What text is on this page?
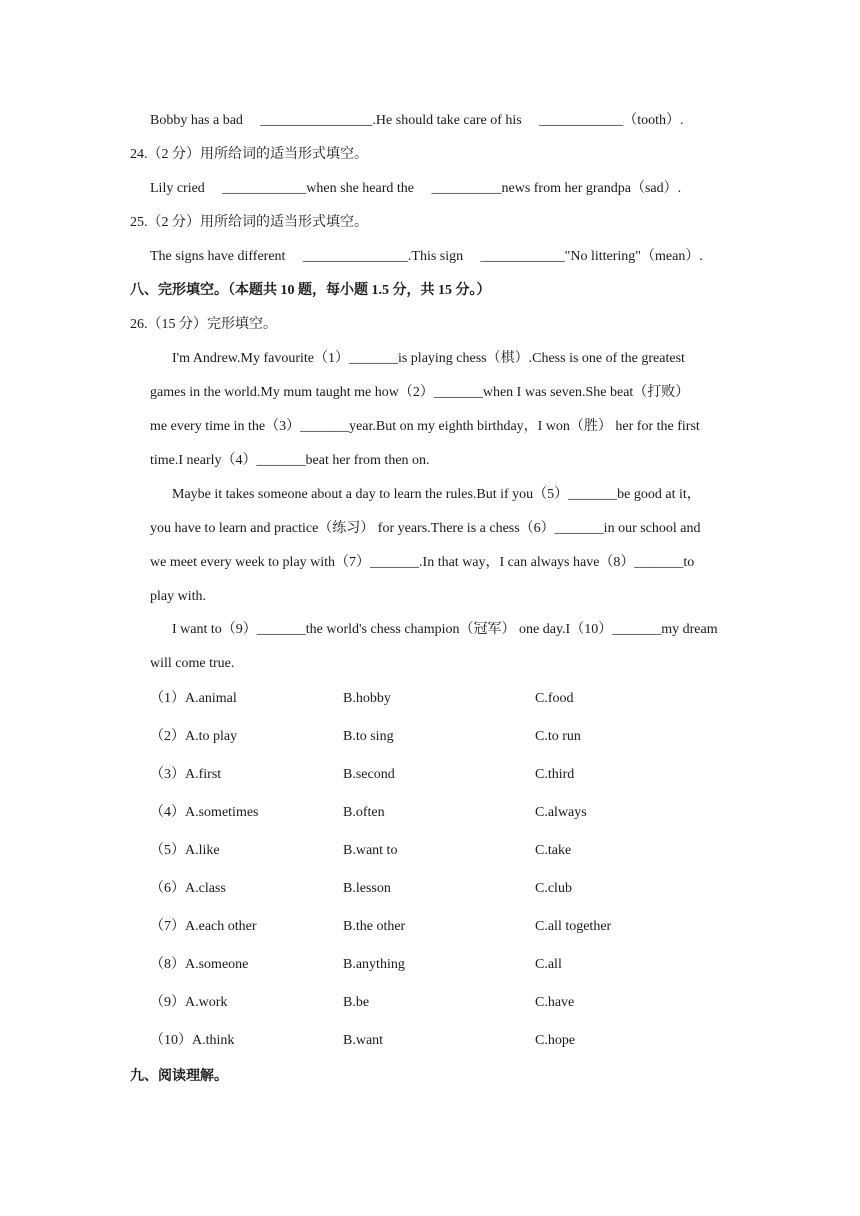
Bobby has a bad　 ________________.He should take care of his　 ____________（tooth）.
24.（2 分）用所给词的适当形式填空。
Lily cried　 ____________when she heard the　 __________news from her grandpa（sad）.
25.（2 分）用所给词的适当形式填空。
The signs have different　 _______________.This sign　 ____________"No littering"（mean）.
八、完形填空。（本题共 10 题，每小题 1.5 分，共 15 分。）
26.（15 分）完形填空。
I'm Andrew.My favourite（1）_______is playing chess（棋）.Chess is one of the greatest
games in the world.My mum taught me how（2）_______when I was seven.She beat（打败）
me every time in the（3）_______year.But on my eighth birthday，I won（胜） her for the first
time.I nearly（4）_______beat her from then on.
Maybe it takes someone about a day to learn the rules.But if you（5）_______be good at it，
you have to learn and practice（练习） for years.There is a chess（6）_______in our school and
we meet every week to play with（7）_______.In that way，I can always have（8）_______to
play with.
I want to（9）_______the world's chess champion（冠军） one day.I（10）_______my dream
will come true.
（1）A.animal	B.hobby	C.food
（2）A.to play	B.to sing	C.to run
（3）A.first	B.second	C.third
（4）A.sometimes	B.often	C.always
（5）A.like	B.want to	C.take
（6）A.class	B.lesson	C.club
（7）A.each other	B.the other	C.all together
（8）A.someone	B.anything	C.all
（9）A.work	B.be	C.have
（10）A.think	B.want	C.hope
九、阅读理解。
